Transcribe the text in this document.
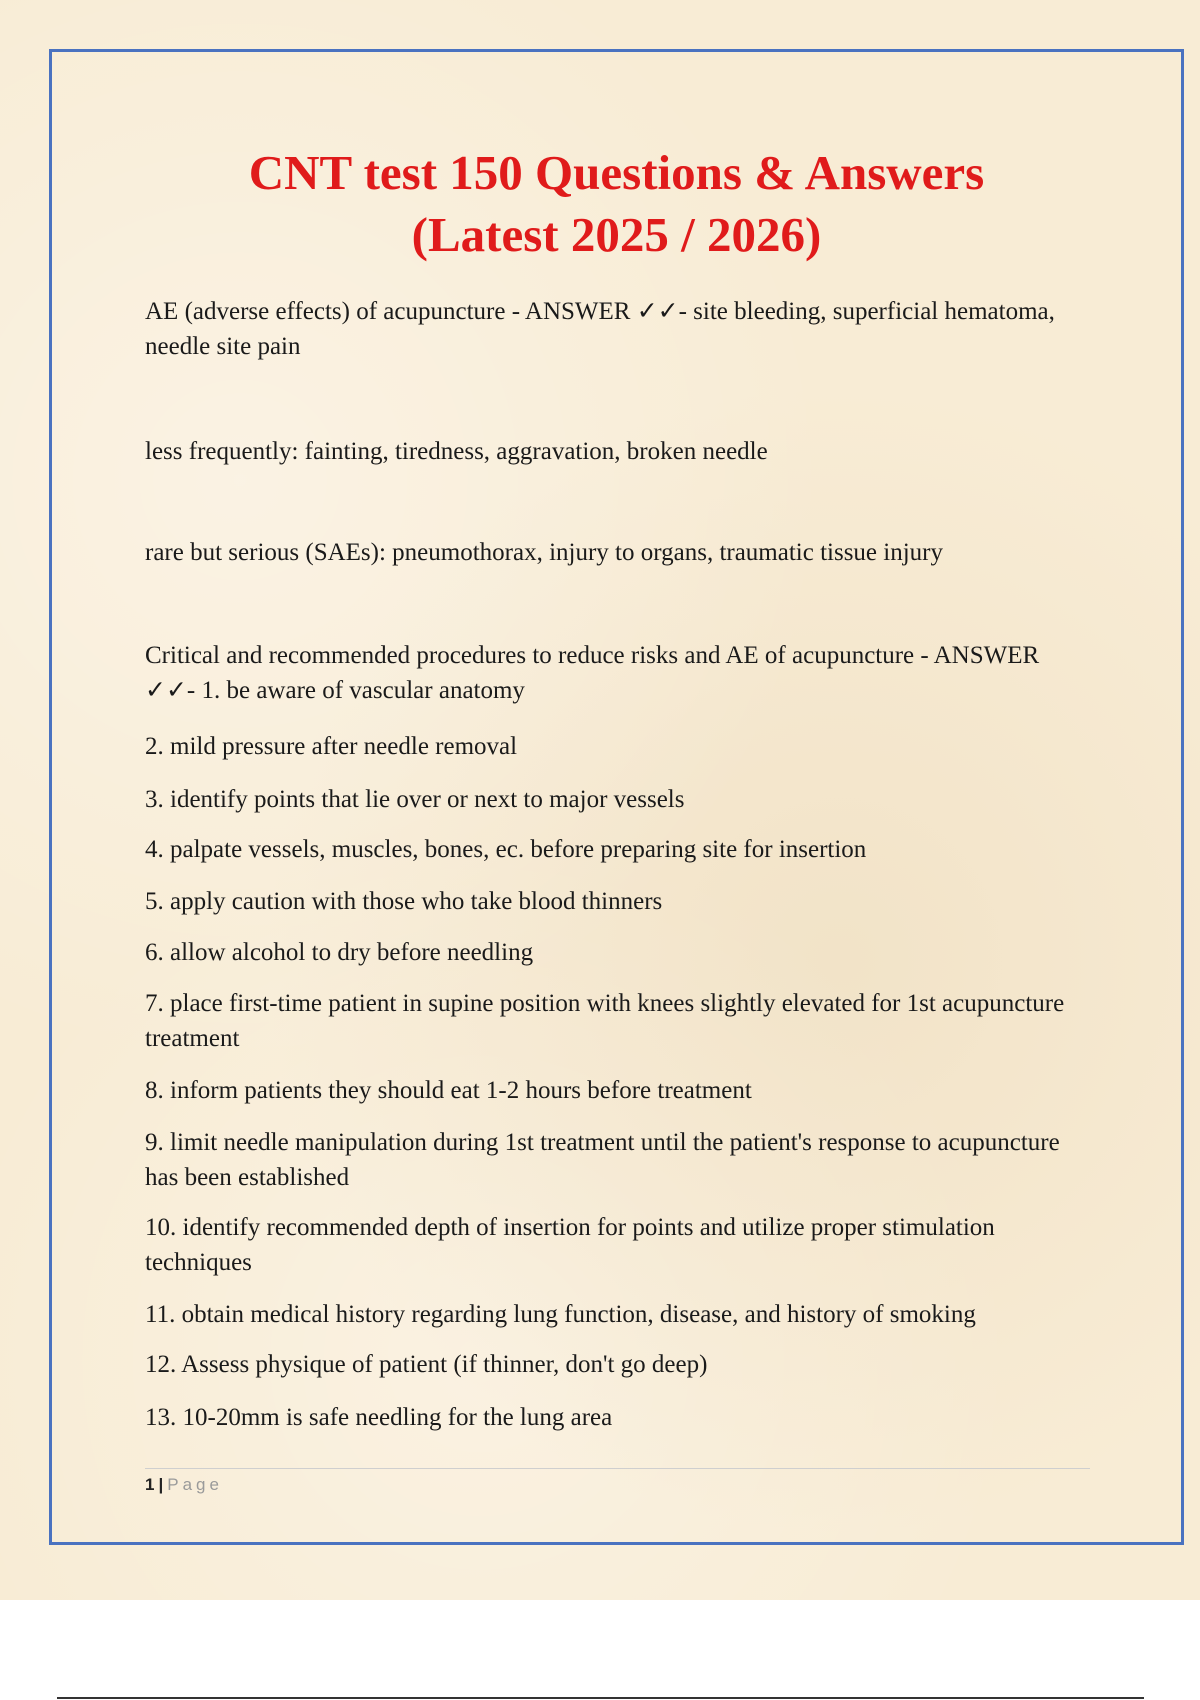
CNT test 150 Questions & Answers
(Latest 2025 / 2026)

AE (adverse effects) of acupuncture - ANSWER ✓✓- site bleeding, superficial hematoma, needle site pain

less frequently: fainting, tiredness, aggravation, broken needle

rare but serious (SAEs): pneumothorax, injury to organs, traumatic tissue injury

Critical and recommended procedures to reduce risks and AE of acupuncture - ANSWER ✓✓- 1. be aware of vascular anatomy

2. mild pressure after needle removal

3. identify points that lie over or next to major vessels

4. palpate vessels, muscles, bones, ec. before preparing site for insertion

5. apply caution with those who take blood thinners

6. allow alcohol to dry before needling

7. place first-time patient in supine position with knees slightly elevated for 1st acupuncture treatment

8. inform patients they should eat 1-2 hours before treatment

9. limit needle manipulation during 1st treatment until the patient's response to acupuncture has been established

10. identify recommended depth of insertion for points and utilize proper stimulation techniques

11. obtain medical history regarding lung function, disease, and history of smoking

12. Assess physique of patient (if thinner, don't go deep)

13. 10-20mm is safe needling for the lung area

1 | Page
